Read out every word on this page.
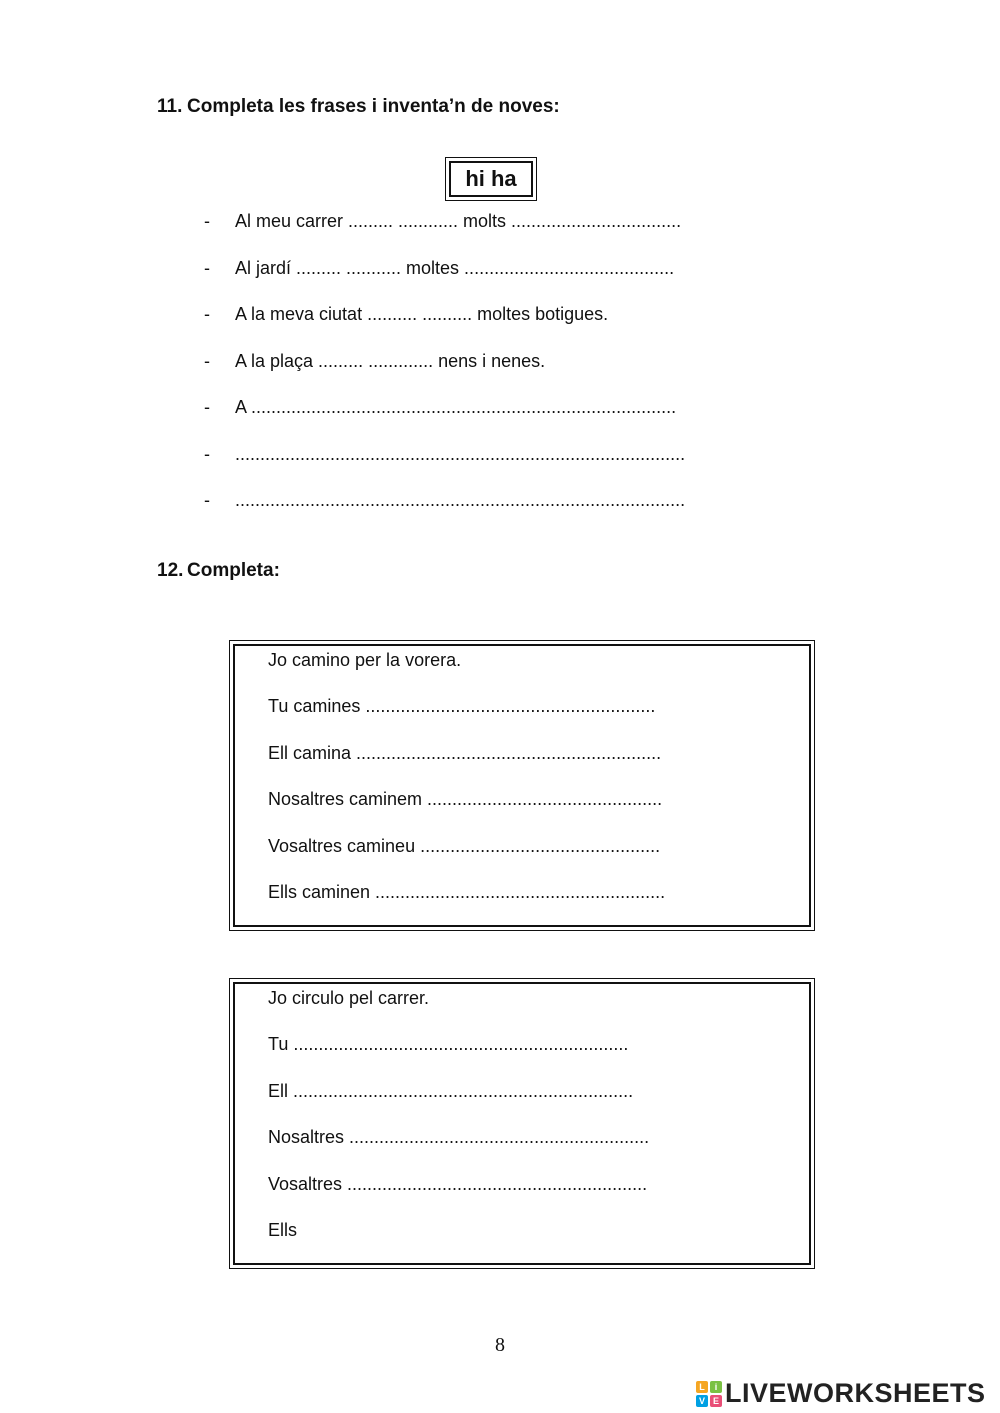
11. Completa les frases i inventa’n de noves:
hi ha
- Al meu carrer ......... ............ molts ..................................
- Al jardí ......... ........... moltes ..........................................
- A la meva ciutat .......... .......... moltes botigues.
- A la plaça ......... ............. nens i nenes.
- A .....................................................................................
- ..........................................................................................
- ..........................................................................................
12. Completa:
Jo camino per la vorera.
Tu camines ..........................................................
Ell camina .............................................................
Nosaltres caminem ...............................................
Vosaltres camineu ................................................
Ells caminen ..........................................................
Jo circulo pel carrer.
Tu ...................................................................
Ell ....................................................................
Nosaltres ............................................................
Vosaltres ............................................................
Ells
8
L	i
V E LIVEWORKSHEETS
